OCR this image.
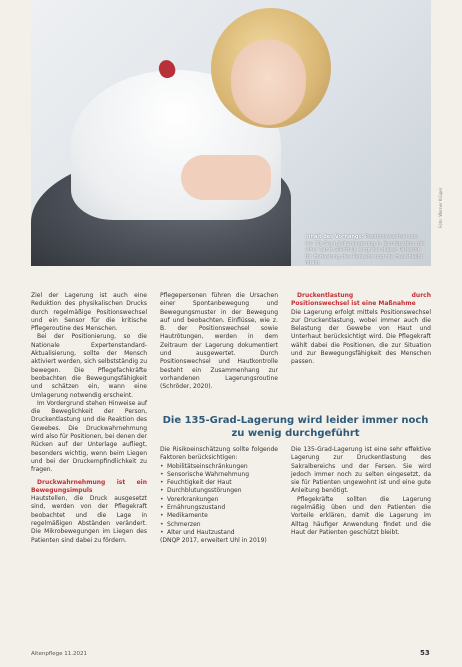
Inhalt des Vorhangs: Positionswechsel aus der 30-Grad-Seitenlagerung in Kombination mit einer Sanft-Gleitfolie sorgt bei dieser Patientin für Entlastung des Rückens und die Haut bleibt intakt.
Foto: Werner Krüper

Ziel der Lagerung ist auch eine Reduktion des physikalischen Drucks durch regelmäßige Positionswechsel und ein Sensor für die kritische Pflegeroutine des Menschen.

Bei der Positionierung, so die Nationale Expertenstandard-Aktualisierung, sollte der Mensch aktiviert werden, sich selbstständig zu bewegen. Die Pflegefachkräfte beobachten die Bewegungsfähigkeit und schätzen ein, wann eine Umlagerung notwendig erscheint.

Im Vordergrund stehen Hinweise auf die Beweglichkeit der Person, Druckentlastung und die Reaktion des Gewebes. Die Druckwahrnehmung wird also für Positionen, bei denen der Rücken auf der Unterlage aufliegt, besonders wichtig, wenn beim Liegen und bei der Druckempfindlichkeit zu fragen.

Druckwahrnehmung ist ein Bewegungsimpuls

Hautstellen, die Druck ausgesetzt sind, werden von der Pflegekraft beobachtet und die Lage in regelmäßigen Abständen verändert. Die Mikrobewegungen im Liegen des Patienten sind dabei zu fördern.

Pflegepersonen führen die Ursachen einer Spontanbewegung und Bewegungsmuster in der Bewegung auf und beobachten. Einflüsse, wie z. B. der Positionswechsel sowie Hautrötungen, werden in dem Zeitraum der Lagerung dokumentiert und ausgewertet. Durch Positionswechsel und Hautkontrolle besteht ein Zusammenhang zur vorhandenen Lagerungsroutine (Schröder, 2020).

Druckentlastung durch Positionswechsel ist eine Maßnahme

Die Lagerung erfolgt mittels Positionswechsel zur Druckentlastung, wobei immer auch die Belastung der Gewebe von Haut und Unterhaut berücksichtigt wird. Die Pflegekraft wählt dabei die Positionen, die zur Situation und zur Bewegungsfähigkeit des Menschen passen.

Die 135-Grad-Lagerung wird leider immer noch zu wenig durchgeführt

Die Risikoeinschätzung sollte folgende Faktoren berücksichtigen:

• Mobilitätseinschränkungen
• Sensorische Wahrnehmung
• Feuchtigkeit der Haut
• Durchblutungsstörungen
• Vorerkrankungen
• Ernährungszustand
• Medikamente
• Schmerzen
• Alter und Hautzustand

(DNQP 2017, erweitert Uhl in 2019)

Die 135-Grad-Lagerung ist eine sehr effektive Lagerung zur Druckentlastung des Sakralbereichs und der Fersen. Sie wird jedoch immer noch zu selten eingesetzt, da sie für Patienten ungewohnt ist und eine gute Anleitung benötigt.

Pflegekräfte sollten die Lagerung regelmäßig üben und den Patienten die Vorteile erklären, damit die Lagerung im Alltag häufiger Anwendung findet und die Haut der Patienten geschützt bleibt.

Altenpflege 11.2021	53
